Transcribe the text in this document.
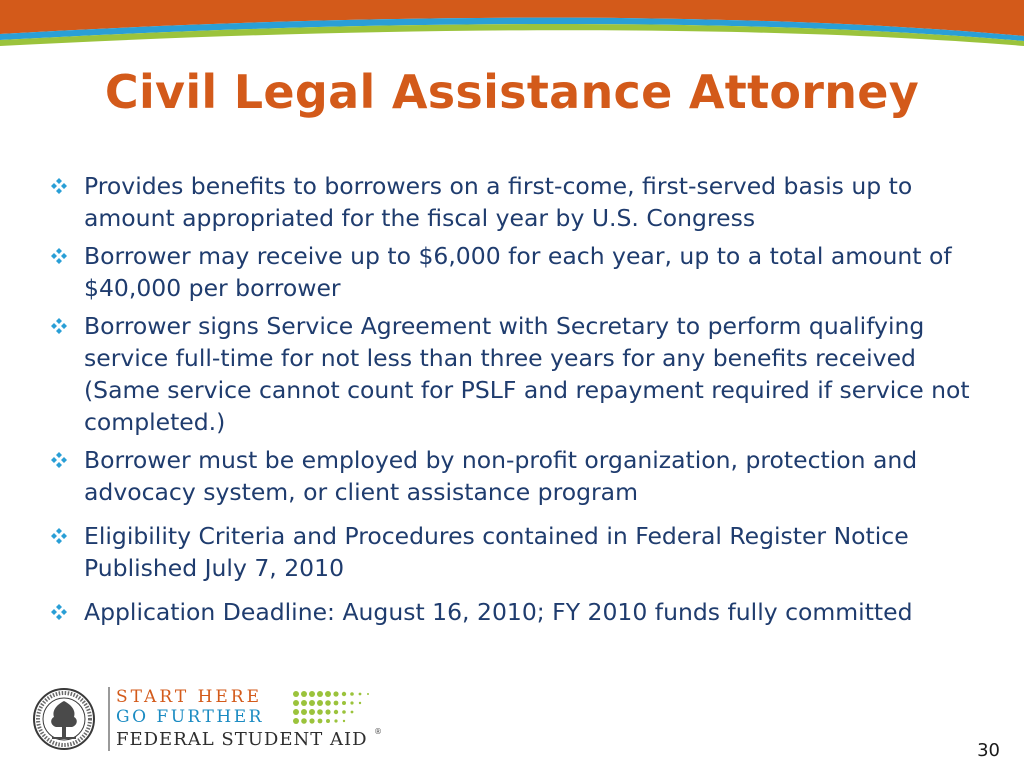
Civil Legal Assistance Attorney
Provides benefits to borrowers on a first-come, first-served basis up to amount appropriated for the fiscal year by U.S. Congress
Borrower may receive up to $6,000 for each year, up to a total amount of $40,000 per borrower
Borrower signs Service Agreement with Secretary to perform qualifying service full-time for not less than three years for any benefits received (Same service cannot count for PSLF and repayment required if service not completed.)
Borrower must be employed by non-profit organization, protection and advocacy system, or client assistance program
Eligibility Criteria and Procedures contained in Federal Register Notice Published July 7, 2010
Application Deadline: August 16, 2010; FY 2010 funds fully committed
START HERE
GO FURTHER
FEDERAL STUDENT AID ®
30
